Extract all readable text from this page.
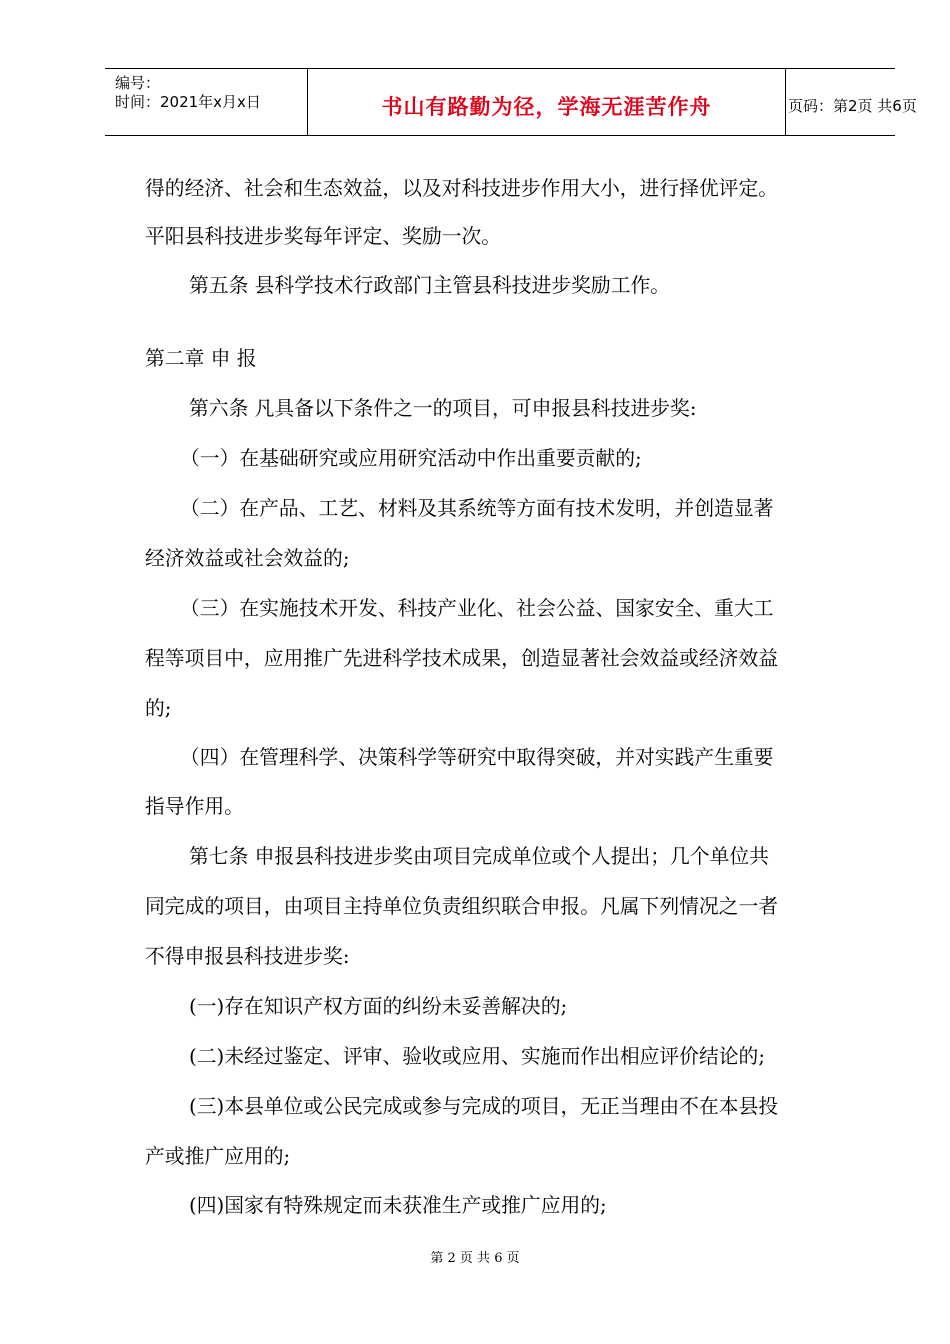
编号：
时间：2021年x月x日	书山有路勤为径，学海无涯苦作舟	页码：第2页 共6页
得的经济、社会和生态效益，以及对科技进步作用大小，进行择优评定。
平阳县科技进步奖每年评定、奖励一次。
第五条 县科学技术行政部门主管县科技进步奖励工作。
第二章 申 报
第六条 凡具备以下条件之一的项目，可申报县科技进步奖:
（一）在基础研究或应用研究活动中作出重要贡献的;
（二）在产品、工艺、材料及其系统等方面有技术发明，并创造显著
经济效益或社会效益的;
（三）在实施技术开发、科技产业化、社会公益、国家安全、重大工
程等项目中，应用推广先进科学技术成果，创造显著社会效益或经济效益
的;
（四）在管理科学、决策科学等研究中取得突破，并对实践产生重要
指导作用。
第七条 申报县科技进步奖由项目完成单位或个人提出；几个单位共
同完成的项目，由项目主持单位负责组织联合申报。凡属下列情况之一者
不得申报县科技进步奖:
(一)存在知识产权方面的纠纷未妥善解决的;
(二)未经过鉴定、评审、验收或应用、实施而作出相应评价结论的;
(三)本县单位或公民完成或参与完成的项目，无正当理由不在本县投
产或推广应用的;
(四)国家有特殊规定而未获准生产或推广应用的;
第 2 页 共 6 页
